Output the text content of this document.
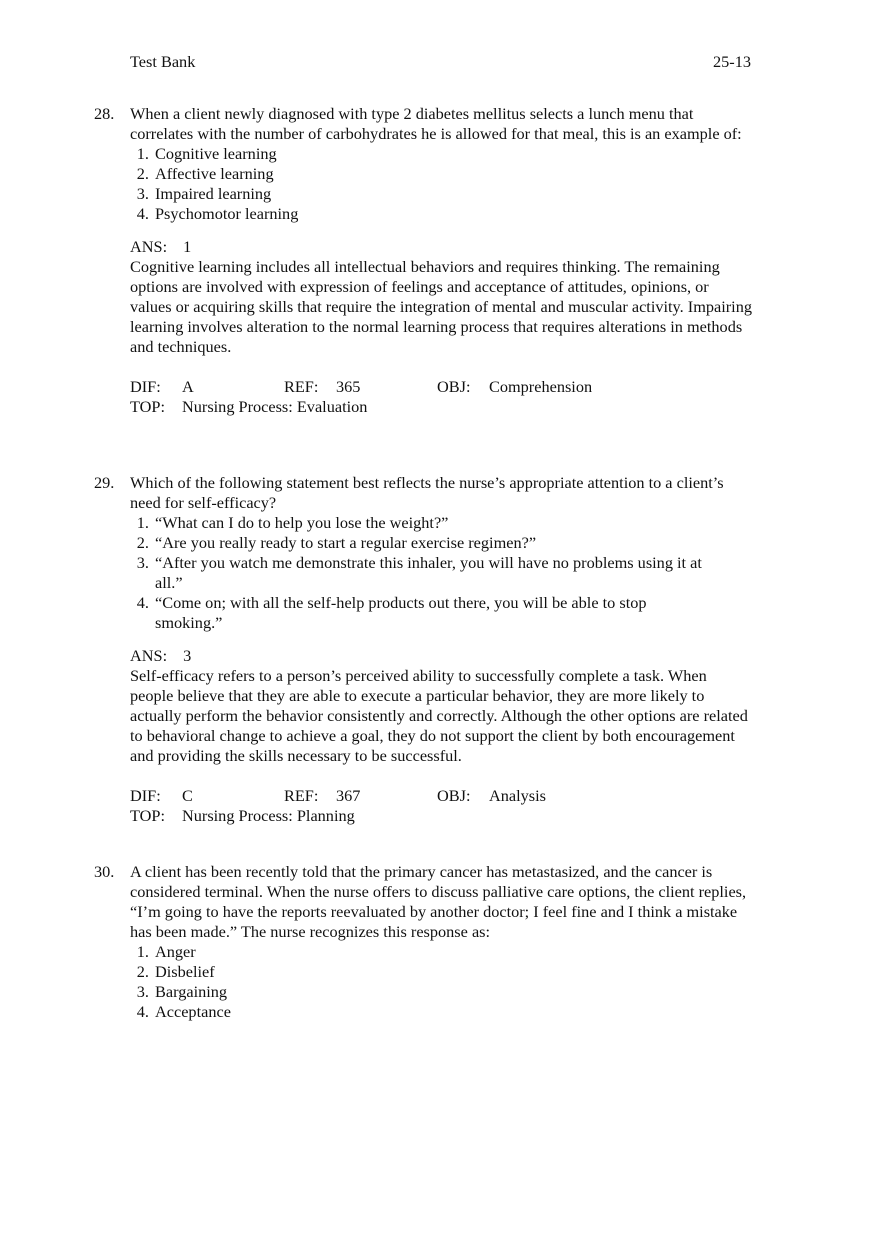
Test Bank	25-13
28. When a client newly diagnosed with type 2 diabetes mellitus selects a lunch menu that correlates with the number of carbohydrates he is allowed for that meal, this is an example of:

1. Cognitive learning
2. Affective learning
3. Impaired learning
4. Psychomotor learning
ANS: 1
Cognitive learning includes all intellectual behaviors and requires thinking. The remaining options are involved with expression of feelings and acceptance of attitudes, opinions, or values or acquiring skills that require the integration of mental and muscular activity. Impairing learning involves alteration to the normal learning process that requires alterations in methods and techniques.
DIF:	A	REF:	365	OBJ:	Comprehension
TOP:	Nursing Process: Evaluation
29. Which of the following statement best reflects the nurse’s appropriate attention to a client’s need for self-efficacy?

1. “What can I do to help you lose the weight?”
2. “Are you really ready to start a regular exercise regimen?”
3. “After you watch me demonstrate this inhaler, you will have no problems using it at all.”
4. “Come on; with all the self-help products out there, you will be able to stop smoking.”
ANS: 3
Self-efficacy refers to a person’s perceived ability to successfully complete a task. When people believe that they are able to execute a particular behavior, they are more likely to actually perform the behavior consistently and correctly. Although the other options are related to behavioral change to achieve a goal, they do not support the client by both encouragement and providing the skills necessary to be successful.
DIF:	C	REF:	367	OBJ:	Analysis
TOP:	Nursing Process: Planning
30. A client has been recently told that the primary cancer has metastasized, and the cancer is considered terminal. When the nurse offers to discuss palliative care options, the client replies, “I’m going to have the reports reevaluated by another doctor; I feel fine and I think a mistake has been made.” The nurse recognizes this response as:

1. Anger
2. Disbelief
3. Bargaining
4. Acceptance
